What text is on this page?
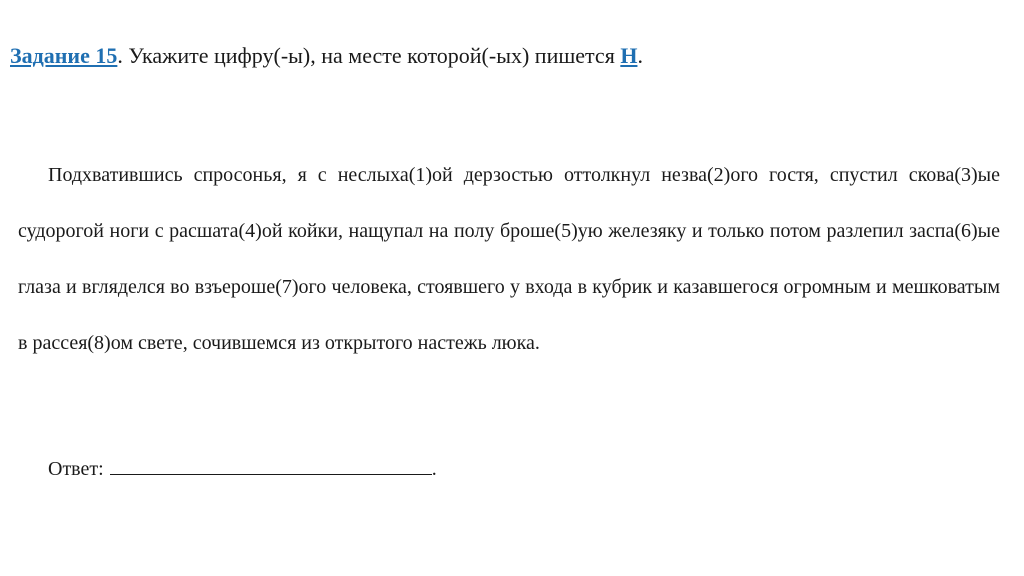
Задание 15. Укажите цифру(-ы), на месте которой(-ых) пишется Н.

Подхватившись спросонья, я с неслыха(1)ой дерзостью оттолкнул незва(2)ого гостя, спустил скова(3)ые судорогой ноги с расшата(4)ой койки, нащупал на полу броше(5)ую железяку и только потом разлепил заспа(6)ые глаза и вгляделся во взъероше(7)ого человека, стоявшего у входа в кубрик и казавшегося огромным и мешковатым в рассея(8)ом свете, сочившемся из открытого настежь люка.

Ответ:	.
